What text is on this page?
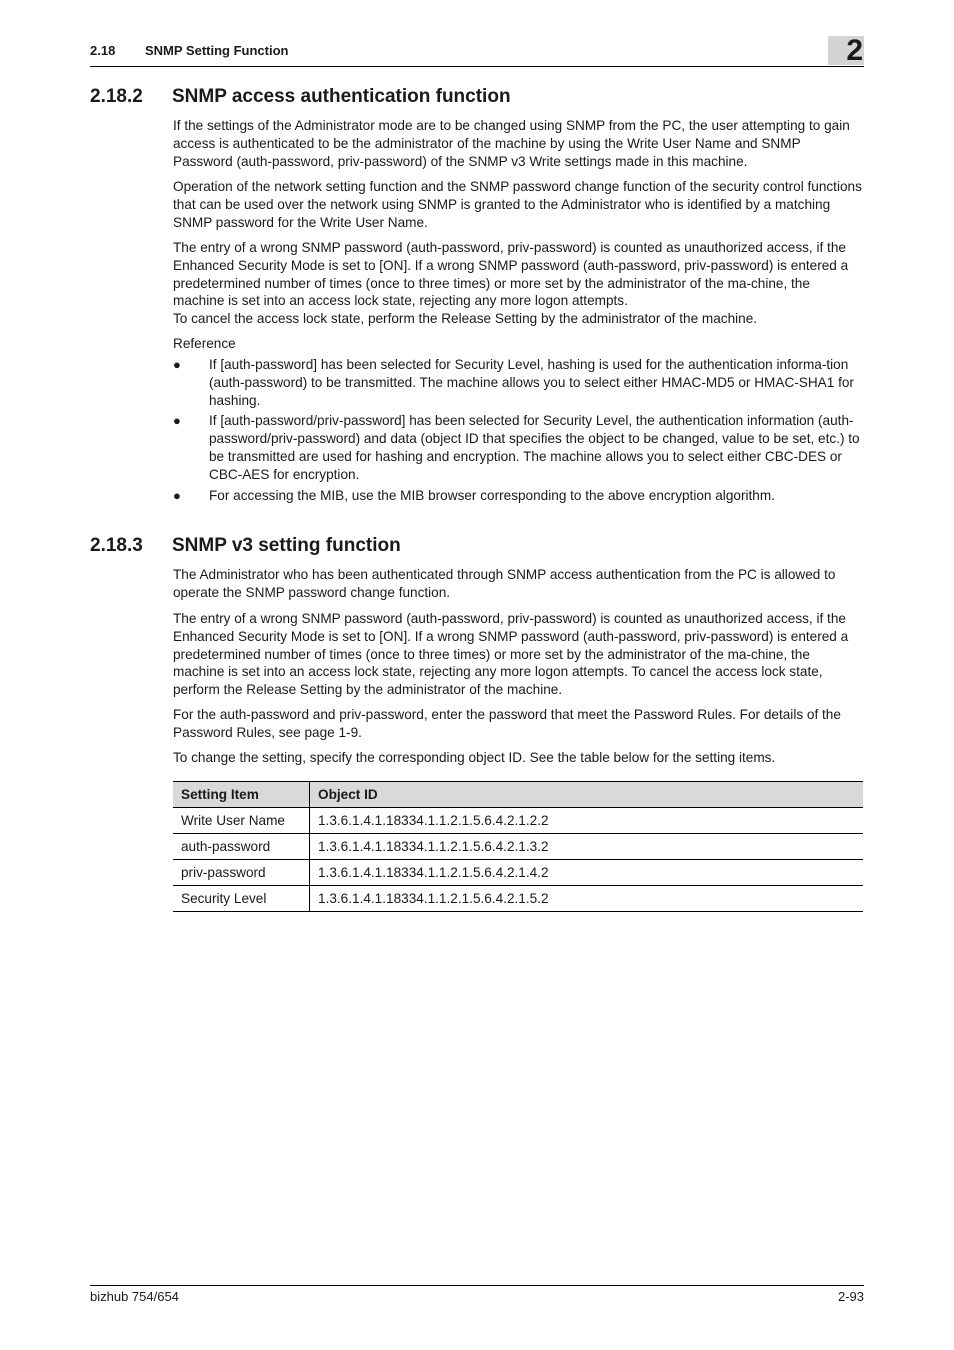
2.18 SNMP Setting Function	2
2.18.2 SNMP access authentication function

If the settings of the Administrator mode are to be changed using SNMP from the PC, the user attempting to gain access is authenticated to be the administrator of the machine by using the Write User Name and SNMP Password (auth-password, priv-password) of the SNMP v3 Write settings made in this machine.

Operation of the network setting function and the SNMP password change function of the security control functions that can be used over the network using SNMP is granted to the Administrator who is identified by a matching SNMP password for the Write User Name.

The entry of a wrong SNMP password (auth-password, priv-password) is counted as unauthorized access, if the Enhanced Security Mode is set to [ON]. If a wrong SNMP password (auth-password, priv-password) is entered a predetermined number of times (once to three times) or more set by the administrator of the ma-chine, the machine is set into an access lock state, rejecting any more logon attempts.

To cancel the access lock state, perform the Release Setting by the administrator of the machine.

Reference

● If [auth-password] has been selected for Security Level, hashing is used for the authentication informa-tion (auth-password) to be transmitted. The machine allows you to select either HMAC-MD5 or HMAC-SHA1 for hashing.
● If [auth-password/priv-password] has been selected for Security Level, the authentication information (auth-password/priv-password) and data (object ID that specifies the object to be changed, value to be set, etc.) to be transmitted are used for hashing and encryption. The machine allows you to select either CBC-DES or CBC-AES for encryption.
● For accessing the MIB, use the MIB browser corresponding to the above encryption algorithm.
2.18.3 SNMP v3 setting function

The Administrator who has been authenticated through SNMP access authentication from the PC is allowed to operate the SNMP password change function.

The entry of a wrong SNMP password (auth-password, priv-password) is counted as unauthorized access, if the Enhanced Security Mode is set to [ON]. If a wrong SNMP password (auth-password, priv-password) is entered a predetermined number of times (once to three times) or more set by the administrator of the ma-chine, the machine is set into an access lock state, rejecting any more logon attempts. To cancel the access lock state, perform the Release Setting by the administrator of the machine.

For the auth-password and priv-password, enter the password that meet the Password Rules. For details of the Password Rules, see page 1-9.

To change the setting, specify the corresponding object ID. See the table below for the setting items.

Setting Item	Object ID
Write User Name	1.3.6.1.4.1.18334.1.1.2.1.5.6.4.2.1.2.2
auth-password	1.3.6.1.4.1.18334.1.1.2.1.5.6.4.2.1.3.2
priv-password	1.3.6.1.4.1.18334.1.1.2.1.5.6.4.2.1.4.2
Security Level	1.3.6.1.4.1.18334.1.1.2.1.5.6.4.2.1.5.2
bizhub 754/654	2-93
